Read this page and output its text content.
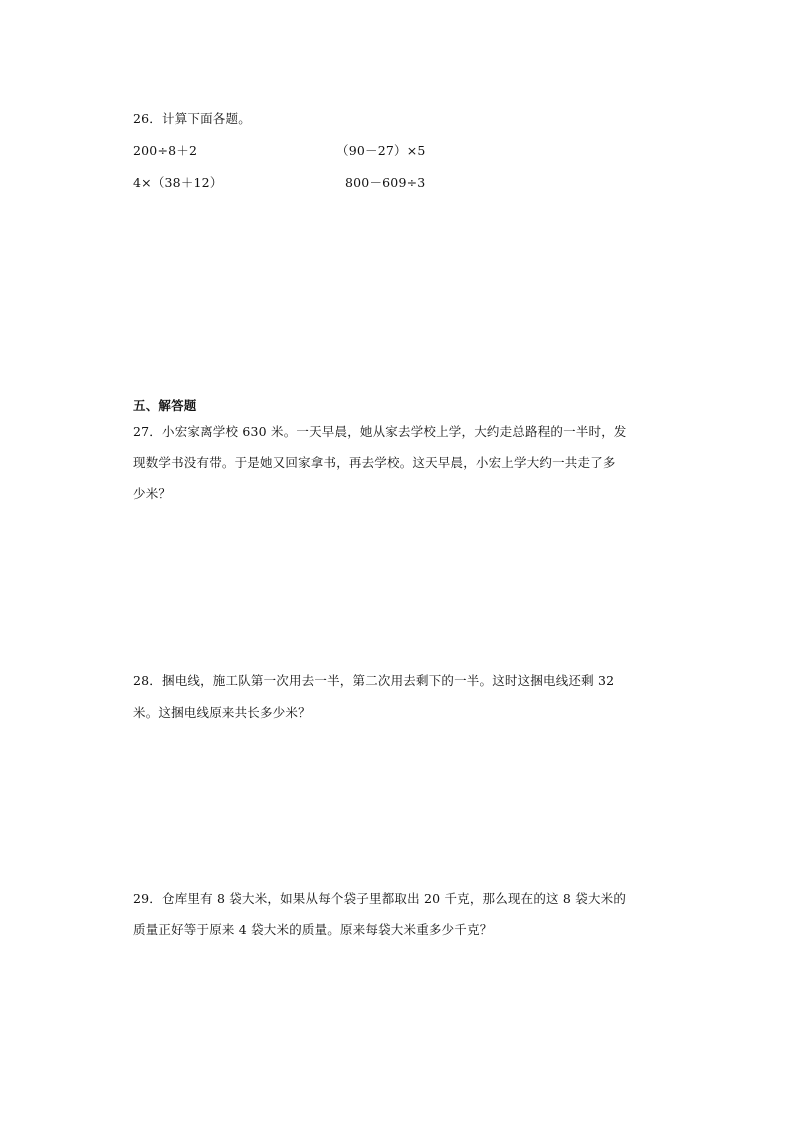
26．计算下面各题。
200÷8＋2	（90－27）×5
4×（38＋12）	800－609÷3
五、解答题
27．小宏家离学校 630 米。一天早晨，她从家去学校上学，大约走总路程的一半时，发
现数学书没有带。于是她又回家拿书，再去学校。这天早晨，小宏上学大约一共走了多
少米？
28．捆电线，施工队第一次用去一半，第二次用去剩下的一半。这时这捆电线还剩 32
米。这捆电线原来共长多少米？
29．仓库里有 8 袋大米，如果从每个袋子里都取出 20 千克，那么现在的这 8 袋大米的
质量正好等于原来 4 袋大米的质量。原来每袋大米重多少千克？
